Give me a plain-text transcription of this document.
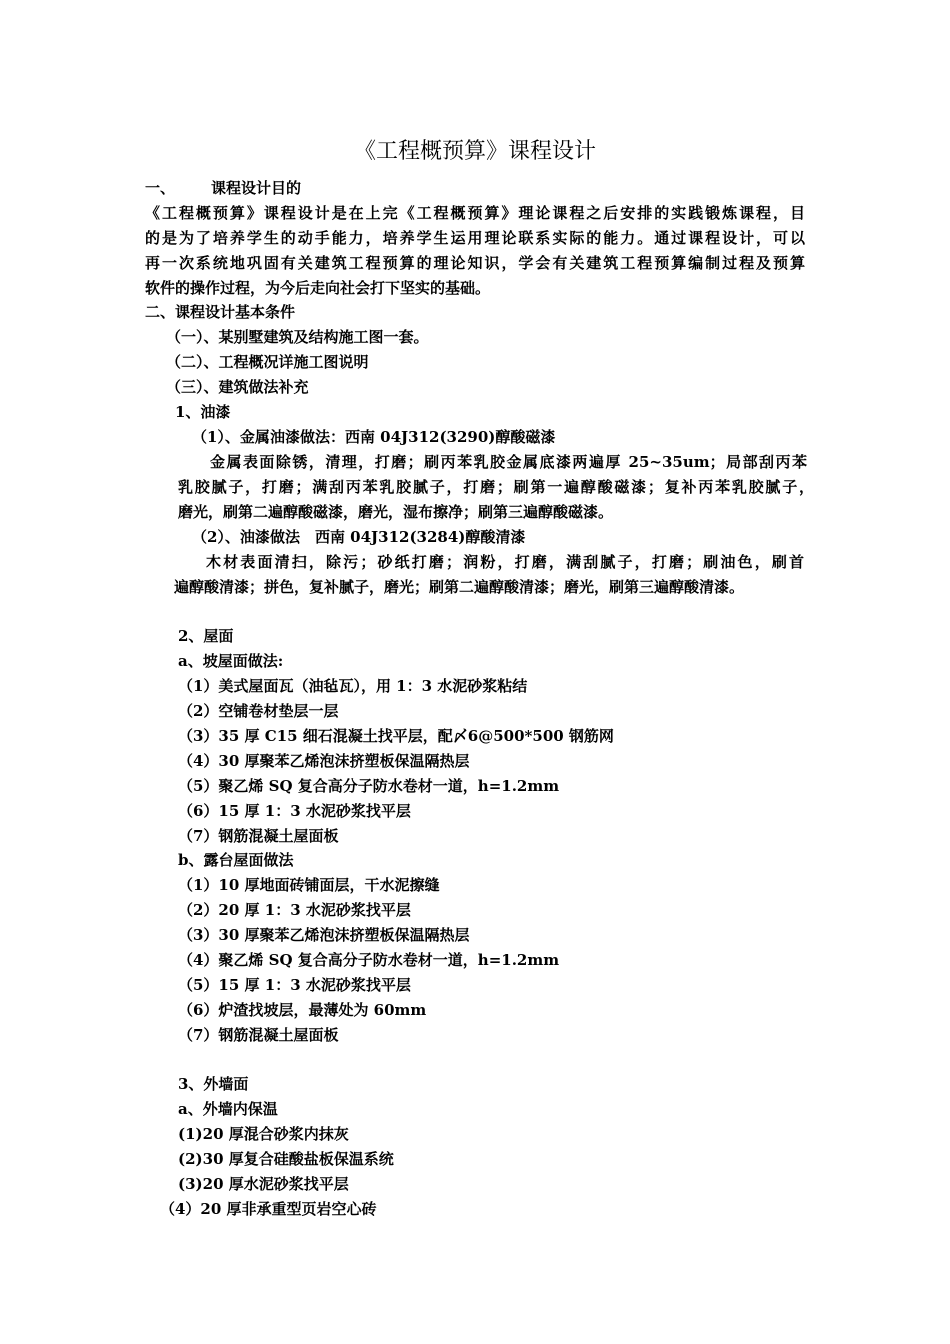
《工程概预算》课程设计
一、 课程设计目的
《工程概预算》课程设计是在上完《工程概预算》理论课程之后安排的实践锻炼课程，目
的是为了培养学生的动手能力，培养学生运用理论联系实际的能力。通过课程设计，可以
再一次系统地巩固有关建筑工程预算的理论知识，学会有关建筑工程预算编制过程及预算
软件的操作过程，为今后走向社会打下坚实的基础。
二、课程设计基本条件
（一）、某别墅建筑及结构施工图一套。
（二）、工程概况详施工图说明
（三）、建筑做法补充
1、油漆
（1）、金属油漆做法：西南 04J312(3290)醇酸磁漆
金属表面除锈，清理，打磨；刷丙苯乳胶金属底漆两遍厚 25~35um；局部刮丙苯
乳胶腻子，打磨；满刮丙苯乳胶腻子，打磨；刷第一遍醇酸磁漆；复补丙苯乳胶腻子，
磨光，刷第二遍醇酸磁漆，磨光，湿布擦净；刷第三遍醇酸磁漆。
（2）、油漆做法　西南 04J312(3284)醇酸清漆
木材表面清扫，除污；砂纸打磨；润粉，打磨，满刮腻子，打磨；刷油色，刷首
遍醇酸清漆；拼色，复补腻子，磨光；刷第二遍醇酸清漆；磨光，刷第三遍醇酸清漆。
2、屋面
a、坡屋面做法:
（1）美式屋面瓦（油毡瓦），用 1：3 水泥砂浆粘结
（2）空铺卷材垫层一层
（3）35 厚 C15 细石混凝土找平层，配〆6@500*500 钢筋网
（4）30 厚聚苯乙烯泡沫挤塑板保温隔热层
（5）聚乙烯 SQ 复合高分子防水卷材一道，h=1.2mm
（6）15 厚 1：3 水泥砂浆找平层
（7）钢筋混凝土屋面板
b、露台屋面做法
（1）10 厚地面砖铺面层，干水泥擦缝
（2）20 厚 1：3 水泥砂浆找平层
（3）30 厚聚苯乙烯泡沫挤塑板保温隔热层
（4）聚乙烯 SQ 复合高分子防水卷材一道，h=1.2mm
（5）15 厚 1：3 水泥砂浆找平层
（6）炉渣找坡层，最薄处为 60mm
（7）钢筋混凝土屋面板
3、外墙面
a、外墙内保温
(1)20 厚混合砂浆内抹灰
(2)30 厚复合硅酸盐板保温系统
(3)20 厚水泥砂浆找平层
（4）20 厚非承重型页岩空心砖
